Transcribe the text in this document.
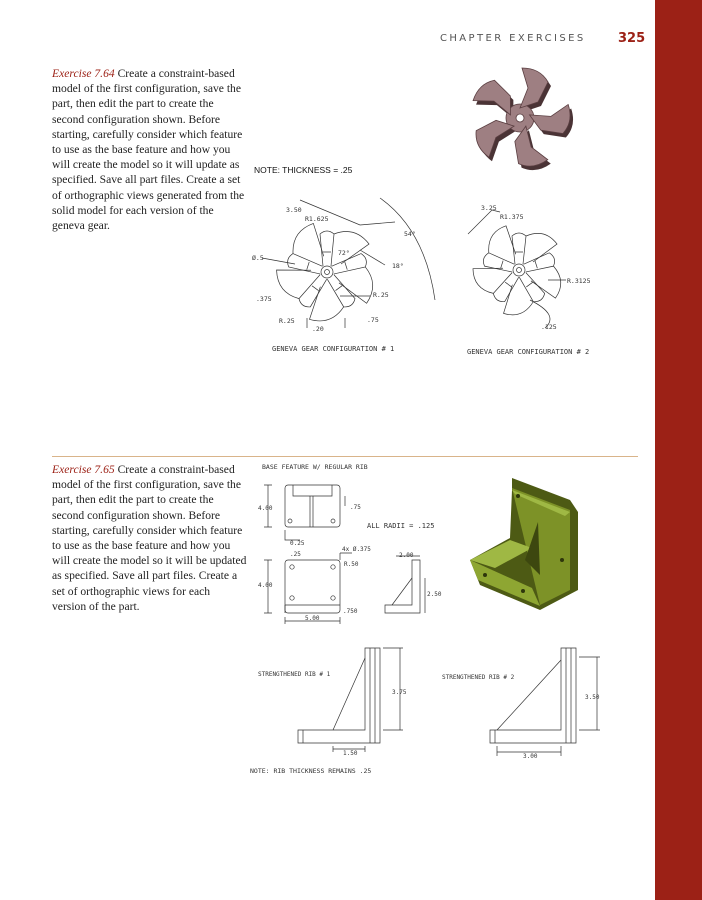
CHAPTER EXERCISES 325

Exercise 7.64 Create a constraint-based model of the first configuration, save the part, then edit the part to create the second configuration shown. Before starting, carefully consider which feature to use as the base feature and how you will create the model so it will update as specified. Save all part files. Create a set of orthographic views generated from the solid model for each version of the geneva gear.

Exercise 7.65 Create a constraint-based model of the first configuration, save the part, then edit the part to create the second configuration shown. Before starting, carefully consider which feature to use as the base feature and how you will create the model so it will be updated as specified. Save all part files. Create a set of orthographic views for each version of the part.

NOTE: THICKNESS = .25
3.50
R1.625
54°
72°
18°
Ø.5
.375	R.25
R.25
.20
.75
GENEVA GEAR CONFIGURATION # 1
3.25
R1.375
R.3125
.125
GENEVA GEAR CONFIGURATION # 2
BASE FEATURE W/ REGULAR RIB
ALL RADII = .125
4.00	.75
0.25
.25
4x Ø.375
R.50
2.00
4.00
2.50
.750
5.00
STRENGTHENED RIB # 1
3.75
1.50
STRENGTHENED RIB # 2
3.50
3.00
NOTE: RIB THICKNESS REMAINS .25
